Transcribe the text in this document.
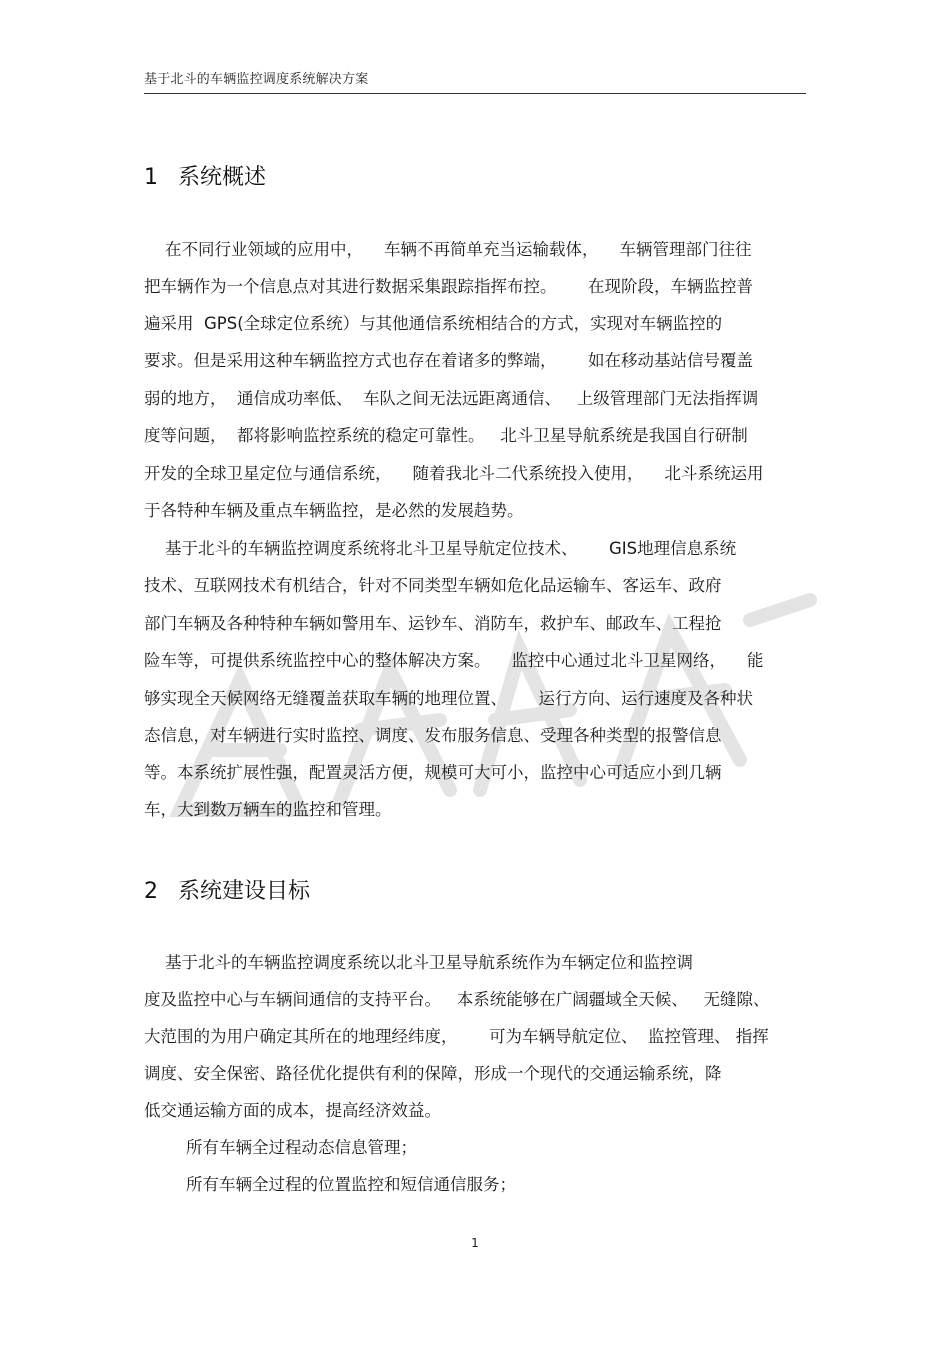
基于北斗的车辆监控调度系统解决方案
1 系统概述
在不同行业领域的应用中，    车辆不再简单充当运输载体，    车辆管理部门往往
把车辆作为一个信息点对其进行数据采集跟踪指挥布控。      在现阶段，车辆监控普
遍采用  GPS(全球定位系统）与其他通信系统相结合的方式，实现对车辆监控的
要求。但是采用这种车辆监控方式也存在着诸多的弊端，      如在移动基站信号覆盖
弱的地方，  通信成功率低、  车队之间无法远距离通信、   上级管理部门无法指挥调
度等问题，  都将影响监控系统的稳定可靠性。   北斗卫星导航系统是我国自行研制
开发的全球卫星定位与通信系统，    随着我北斗二代系统投入使用，    北斗系统运用
于各特种车辆及重点车辆监控，是必然的发展趋势。
基于北斗的车辆监控调度系统将北斗卫星导航定位技术、      GIS地理信息系统
技术、互联网技术有机结合，针对不同类型车辆如危化品运输车、客运车、政府
部门车辆及各种特种车辆如警用车、运钞车、消防车，救护车、邮政车、工程抢
险车等，可提供系统监控中心的整体解决方案。    监控中心通过北斗卫星网络，    能
够实现全天候网络无缝覆盖获取车辆的地理位置、      运行方向、运行速度及各种状
态信息，对车辆进行实时监控、调度、发布服务信息、受理各种类型的报警信息
等。本系统扩展性强，配置灵活方便，规模可大可小，监控中心可适应小到几辆
车，大到数万辆车的监控和管理。
2 系统建设目标
基于北斗的车辆监控调度系统以北斗卫星导航系统作为车辆定位和监控调
度及监控中心与车辆间通信的支持平台。   本系统能够在广阔疆域全天候、   无缝隙、
大范围的为用户确定其所在的地理经纬度，      可为车辆导航定位、  监控管理、 指挥
调度、安全保密、路径优化提供有利的保障，形成一个现代的交通运输系统，降
低交通运输方面的成本，提高经济效益。
所有车辆全过程动态信息管理；
所有车辆全过程的位置监控和短信通信服务；
1
